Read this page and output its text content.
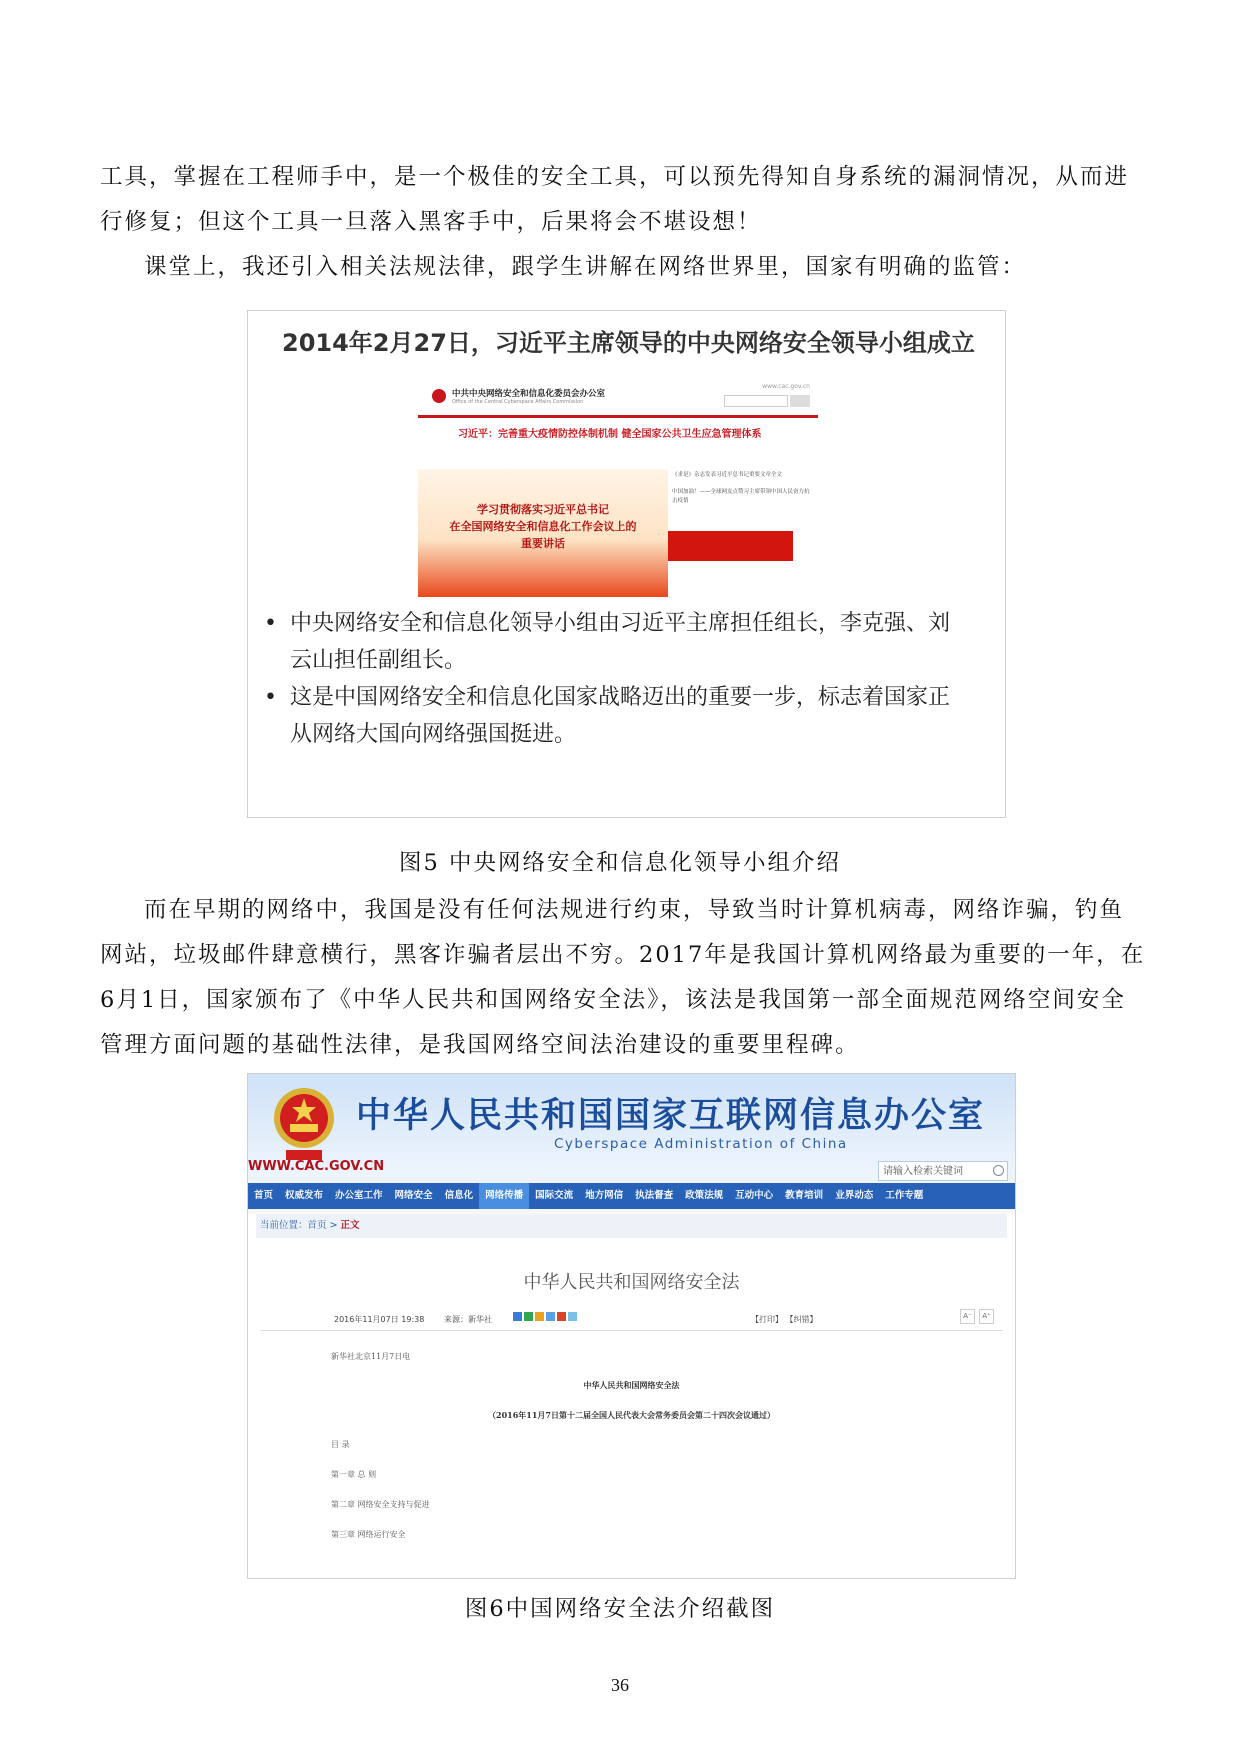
工具，掌握在工程师手中，是一个极佳的安全工具，可以预先得知自身系统的漏洞情况，从而进

行修复；但这个工具一旦落入黑客手中，后果将会不堪设想！

课堂上，我还引入相关法规法律，跟学生讲解在网络世界里，国家有明确的监管：

2014年2月27日，习近平主席领导的中央网络安全领导小组成立
中共中央网络安全和信息化委员会办公室
Office of the Central Cyberspace Affairs Commission
www.cac.gov.cn
习近平：完善重大疫情防控体制机制 健全国家公共卫生应急管理体系
学习贯彻落实习近平总书记
在全国网络安全和信息化工作会议上的
重要讲话
《求是》杂志发表习近平总书记重要文章全文
中国加油！——全球网友点赞习主席带领中国人民奋力抗击疫情
• 中央网络安全和信息化领导小组由习近平主席担任组长，李克强、刘
云山担任副组长。
• 这是中国网络安全和信息化国家战略迈出的重要一步，标志着国家正
从网络大国向网络强国挺进。

图5 中央网络安全和信息化领导小组介绍

而在早期的网络中，我国是没有任何法规进行约束，导致当时计算机病毒，网络诈骗，钓鱼

网站，垃圾邮件肆意横行，黑客诈骗者层出不穷。2017年是我国计算机网络最为重要的一年，在

6月1日，国家颁布了《中华人民共和国网络安全法》，该法是我国第一部全面规范网络空间安全

管理方面问题的基础性法律，是我国网络空间法治建设的重要里程碑。

中华人民共和国国家互联网信息办公室
Cyberspace Administration of China
WWW.CAC.GOV.CN	请输入检索关键词
首页	权威发布	办公室工作	网络安全	信息化	网络传播	国际交流	地方网信	执法督查	政策法规	互动中心	教育培训	业界动态	工作专题
当前位置：首页 > 正文
中华人民共和国网络安全法
2016年11月07日 19:38 来源：新华社	【打印】 【纠错】	A⁻	A⁺
新华社北京11月7日电
中华人民共和国网络安全法
（2016年11月7日第十二届全国人民代表大会常务委员会第二十四次会议通过）
目 录
第一章 总 则
第二章 网络安全支持与促进
第三章 网络运行安全

图6中国网络安全法介绍截图

36
